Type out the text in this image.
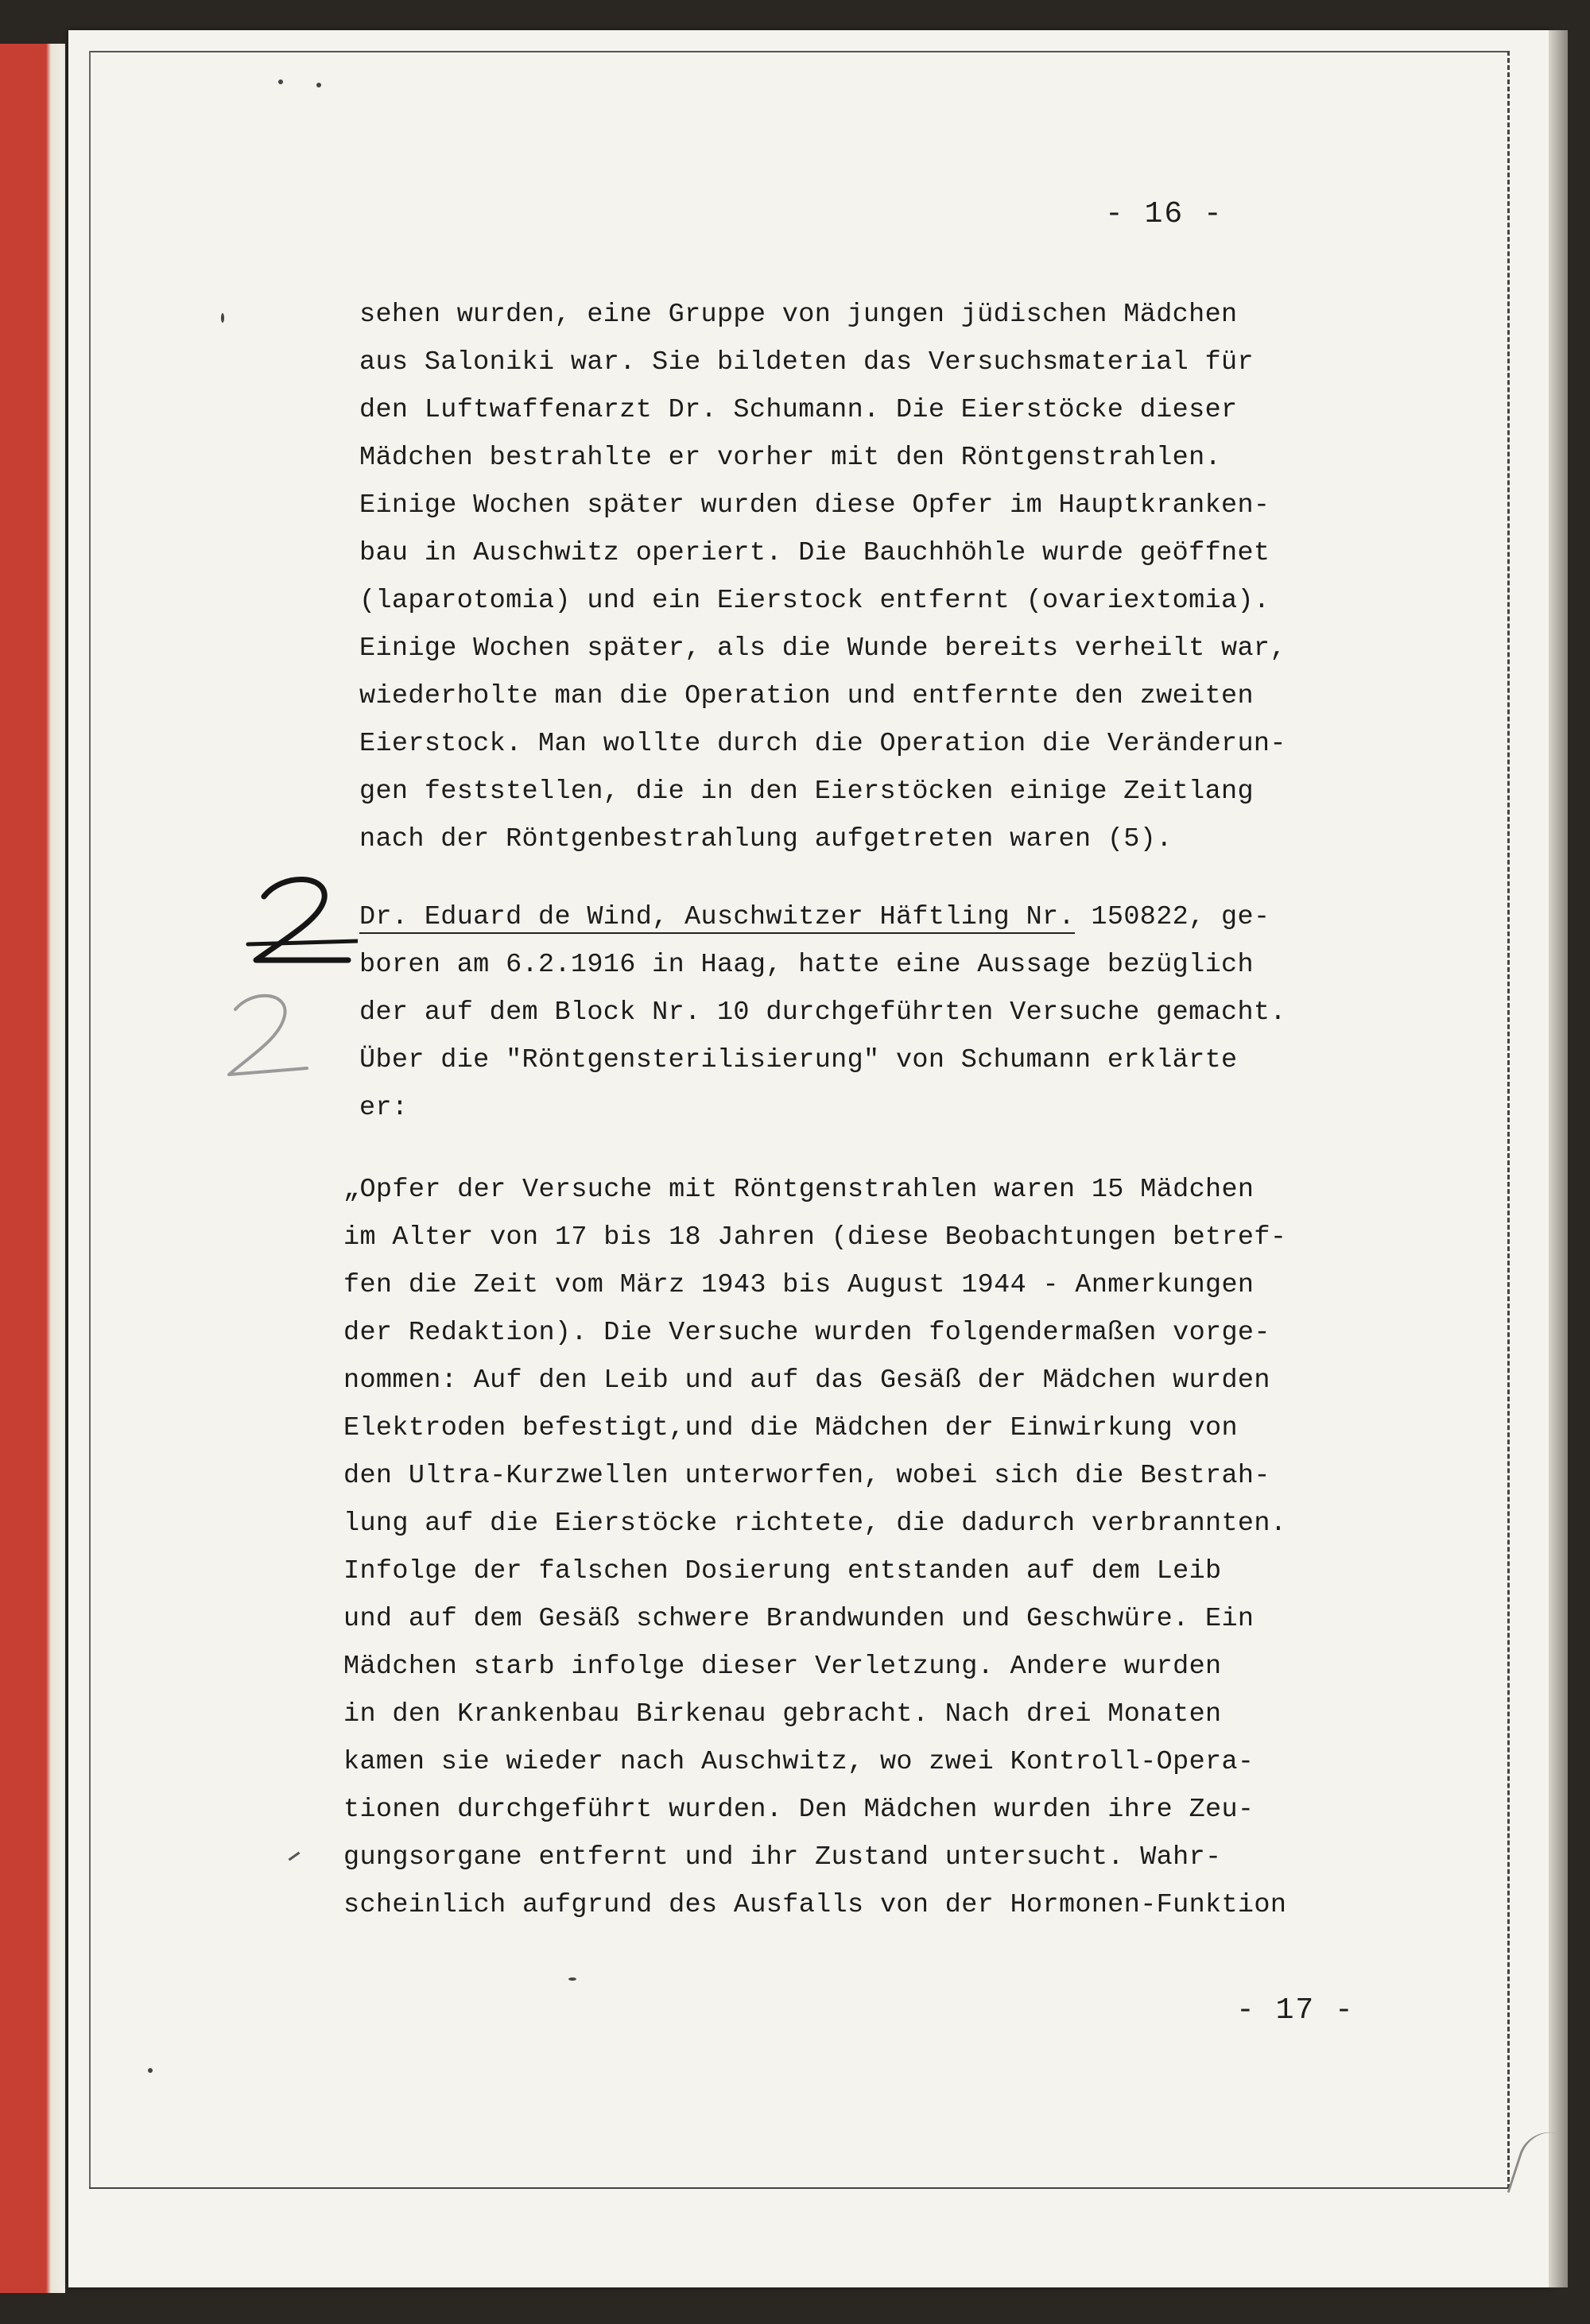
- 16 -
sehen wurden, eine Gruppe von jungen jüdischen Mädchen
aus Saloniki war. Sie bildeten das Versuchsmaterial für
den Luftwaffenarzt Dr. Schumann. Die Eierstöcke dieser
Mädchen bestrahlte er vorher mit den Röntgenstrahlen.
Einige Wochen später wurden diese Opfer im Hauptkranken-
bau in Auschwitz operiert. Die Bauchhöhle wurde geöffnet
(laparotomia) und ein Eierstock entfernt (ovariextomia).
Einige Wochen später, als die Wunde bereits verheilt war,
wiederholte man die Operation und entfernte den zweiten
Eierstock. Man wollte durch die Operation die Veränderun-
gen feststellen, die in den Eierstöcken einige Zeitlang
nach der Röntgenbestrahlung aufgetreten waren (5).
Dr. Eduard de Wind, Auschwitzer Häftling Nr. 150822, ge-
boren am 6.2.1916 in Haag, hatte eine Aussage bezüglich
der auf dem Block Nr. 10 durchgeführten Versuche gemacht.
Über die "Röntgensterilisierung" von Schumann erklärte
er:
„Opfer der Versuche mit Röntgenstrahlen waren 15 Mädchen
im Alter von 17 bis 18 Jahren (diese Beobachtungen betref-
fen die Zeit vom März 1943 bis August 1944 - Anmerkungen
der Redaktion). Die Versuche wurden folgendermaßen vorge-
nommen: Auf den Leib und auf das Gesäß der Mädchen wurden
Elektroden befestigt,und die Mädchen der Einwirkung von
den Ultra-Kurzwellen unterworfen, wobei sich die Bestrah-
lung auf die Eierstöcke richtete, die dadurch verbrannten.
Infolge der falschen Dosierung entstanden auf dem Leib
und auf dem Gesäß schwere Brandwunden und Geschwüre. Ein
Mädchen starb infolge dieser Verletzung. Andere wurden
in den Krankenbau Birkenau gebracht. Nach drei Monaten
kamen sie wieder nach Auschwitz, wo zwei Kontroll-Opera-
tionen durchgeführt wurden. Den Mädchen wurden ihre Zeu-
gungsorgane entfernt und ihr Zustand untersucht. Wahr-
scheinlich aufgrund des Ausfalls von der Hormonen-Funktion
- 17 -
